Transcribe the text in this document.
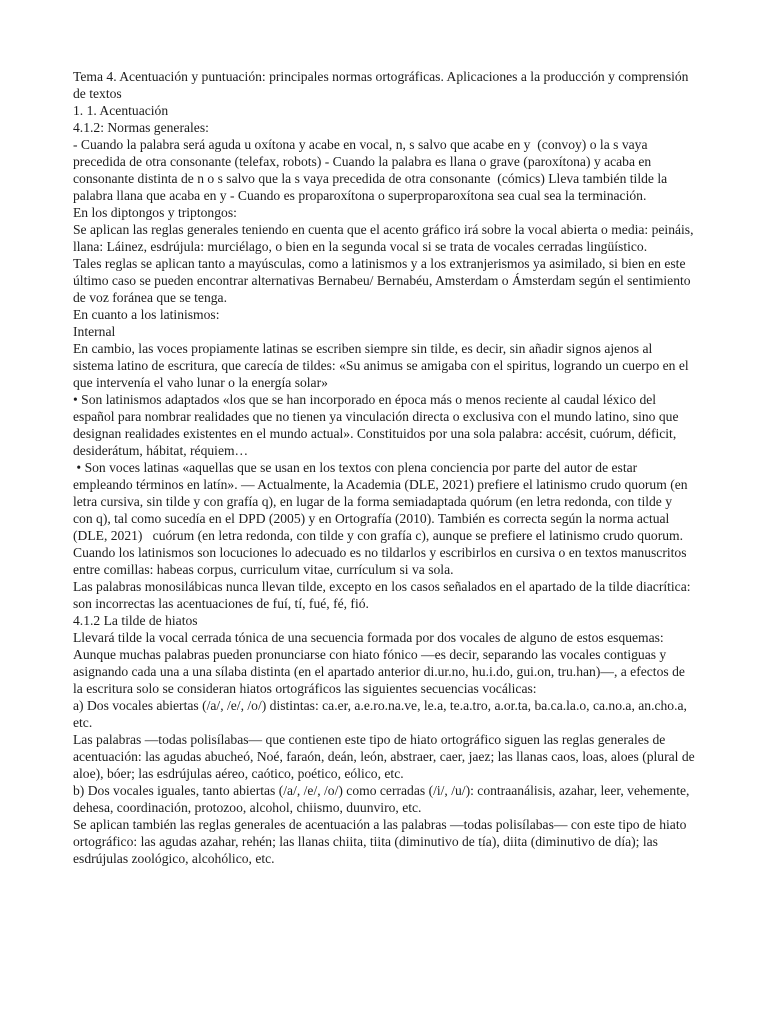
Tema 4. Acentuación y puntuación: principales normas ortográficas. Aplicaciones a la producción y comprensión de textos

1. 1. Acentuación

4.1.2: Normas generales:

- Cuando la palabra será aguda u oxítona y acabe en vocal, n, s salvo que acabe en y  (convoy) o la s vaya precedida de otra consonante (telefax, robots) - Cuando la palabra es llana o grave (paroxítona) y acaba en consonante distinta de n o s salvo que la s vaya precedida de otra consonante  (cómics) Lleva también tilde la palabra llana que acaba en y - Cuando es proparoxítona o superproparoxítona sea cual sea la terminación.

En los diptongos y triptongos:

Se aplican las reglas generales teniendo en cuenta que el acento gráfico irá sobre la vocal abierta o media: peináis, llana: Láinez, esdrújula: murciélago, o bien en la segunda vocal si se trata de vocales cerradas lingüístico.

Tales reglas se aplican tanto a mayúsculas, como a latinismos y a los extranjerismos ya asimilado, si bien en este último caso se pueden encontrar alternativas Bernabeu/ Bernabéu, Amsterdam o Ámsterdam según el sentimiento de voz foránea que se tenga.

En cuanto a los latinismos:

Internal

En cambio, las voces propiamente latinas se escriben siempre sin tilde, es decir, sin añadir signos ajenos al sistema latino de escritura, que carecía de tildes: «Su animus se amigaba con el spiritus, logrando un cuerpo en el que intervenía el vaho lunar o la energía solar»

• Son latinismos adaptados «los que se han incorporado en época más o menos reciente al caudal léxico del español para nombrar realidades que no tienen ya vinculación directa o exclusiva con el mundo latino, sino que designan realidades existentes en el mundo actual». Constituidos por una sola palabra: accésit, cuórum, déficit, desiderátum, hábitat, réquiem…

• Son voces latinas «aquellas que se usan en los textos con plena conciencia por parte del autor de estar empleando términos en latín». — Actualmente, la Academia (DLE, 2021) prefiere el latinismo crudo quorum (en letra cursiva, sin tilde y con grafía q), en lugar de la forma semiadaptada quórum (en letra redonda, con tilde y con q), tal como sucedía en el DPD (2005) y en Ortografía (2010). También es correcta según la norma actual (DLE, 2021)   cuórum (en letra redonda, con tilde y con grafía c), aunque se prefiere el latinismo crudo quorum. Cuando los latinismos son locuciones lo adecuado es no tildarlos y escribirlos en cursiva o en textos manuscritos entre comillas: habeas corpus, curriculum vitae, currículum si va sola.

Las palabras monosilábicas nunca llevan tilde, excepto en los casos señalados en el apartado de la tilde diacrítica: son incorrectas las acentuaciones de fuí, tí, fué, fé, fió.

4.1.2 La tilde de hiatos

Llevará tilde la vocal cerrada tónica de una secuencia formada por dos vocales de alguno de estos esquemas:

Aunque muchas palabras pueden pronunciarse con hiato fónico —es decir, separando las vocales contiguas y asignando cada una a una sílaba distinta (en el apartado anterior di.ur.no, hu.i.do, gui.on, tru.han)—, a efectos de la escritura solo se consideran hiatos ortográficos las siguientes secuencias vocálicas:

a) Dos vocales abiertas (/a/, /e/, /o/) distintas: ca.er, a.e.ro.na.ve, le.a, te.a.tro, a.or.ta, ba.ca.la.o, ca.no.a, an.cho.a, etc.

Las palabras —todas polisílabas— que contienen este tipo de hiato ortográfico siguen las reglas generales de acentuación: las agudas abucheó, Noé, faraón, deán, león, abstraer, caer, jaez; las llanas caos, loas, aloes (plural de aloe), bóer; las esdrújulas aéreo, caótico, poético, eólico, etc.

b) Dos vocales iguales, tanto abiertas (/a/, /e/, /o/) como cerradas (/i/, /u/): contraanálisis, azahar, leer, vehemente, dehesa, coordinación, protozoo, alcohol, chiismo, duunviro, etc.

Se aplican también las reglas generales de acentuación a las palabras —todas polisílabas— con este tipo de hiato ortográfico: las agudas azahar, rehén; las llanas chiita, tiita (diminutivo de tía), diita (diminutivo de día); las esdrújulas zoológico, alcohólico, etc.
